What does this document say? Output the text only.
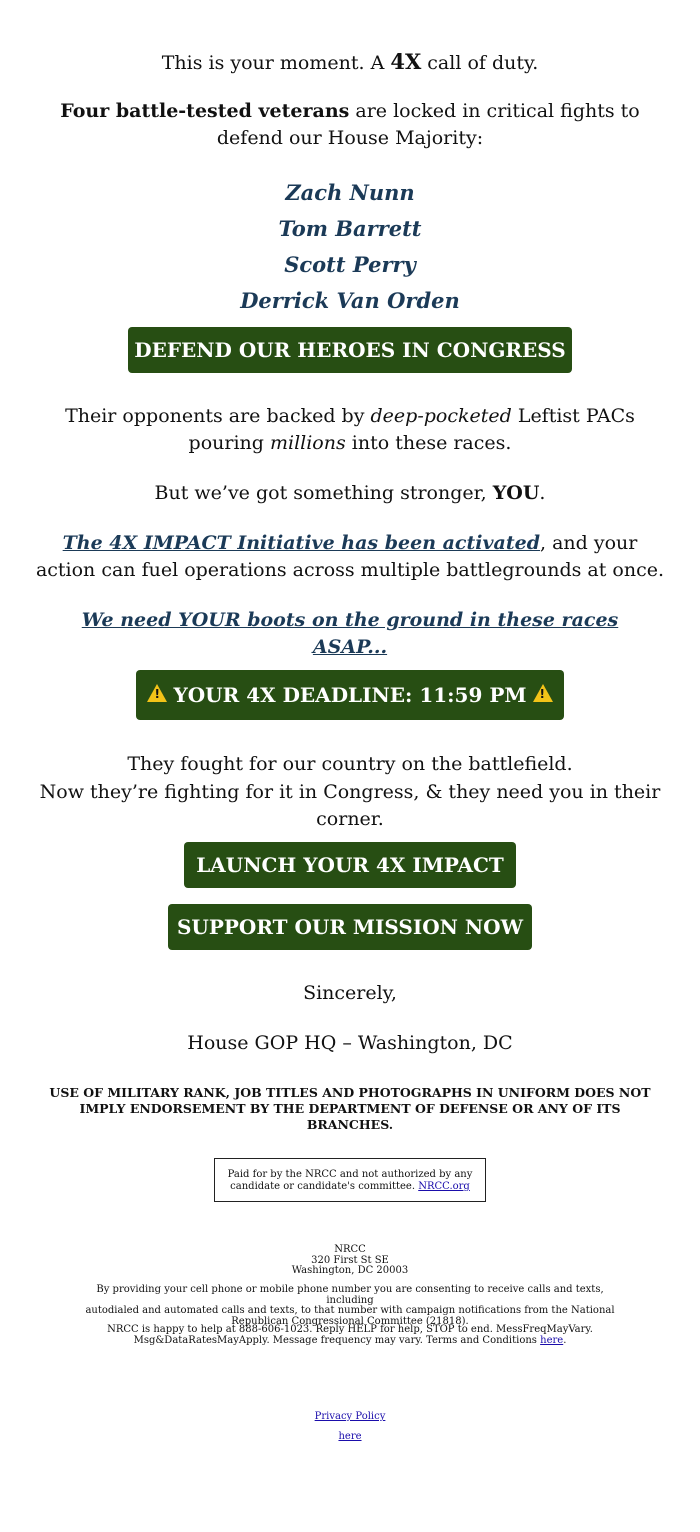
This is your moment. A 4X call of duty.
Four battle-tested veterans are locked in critical fights to
defend our House Majority:
Zach Nunn
Tom Barrett
Scott Perry
Derrick Van Orden
DEFEND OUR HEROES IN CONGRESS
Their opponents are backed by deep-pocketed Leftist PACs
pouring millions into these races.
But we’ve got something stronger, YOU.
The 4X IMPACT Initiative has been activated, and your
action can fuel operations across multiple battlegrounds at once.
We need YOUR boots on the ground in these races
ASAP...
! YOUR 4X DEADLINE: 11:59 PM !
They fought for our country on the battlefield.
Now they’re fighting for it in Congress, & they need you in their
corner.
LAUNCH YOUR 4X IMPACT
SUPPORT OUR MISSION NOW
Sincerely,
House GOP HQ – Washington, DC
USE OF MILITARY RANK, JOB TITLES AND PHOTOGRAPHS IN UNIFORM DOES NOT
IMPLY ENDORSEMENT BY THE DEPARTMENT OF DEFENSE OR ANY OF ITS BRANCHES.
Paid for by the NRCC and not authorized by any
candidate or candidate's committee. NRCC.org
NRCC
320 First St SE
Washington, DC 20003
By providing your cell phone or mobile phone number you are consenting to receive calls and texts, including
autodialed and automated calls and texts, to that number with campaign notifications from the National
Republican Congressional Committee (21818).
NRCC is happy to help at 888-606-1023. Reply HELP for help, STOP to end. MessFreqMayVary.
Msg&DataRatesMayApply. Message frequency may vary. Terms and Conditions here.
Privacy Policy
here
